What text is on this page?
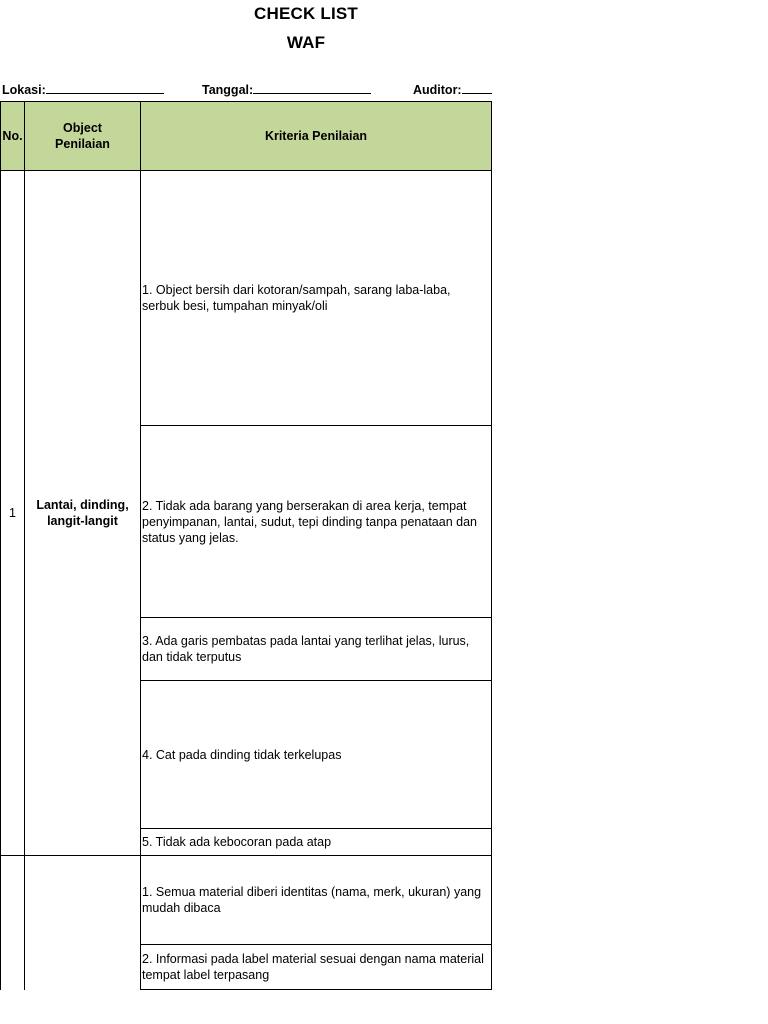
CHECK LIST
WAF
Lokasi:	Tanggal:	Auditor:
No.
Object Penilaian
Kriteria Penilaian
1
Lantai, dinding, langit-langit
1. Object bersih dari kotoran/sampah, sarang laba-laba, serbuk besi, tumpahan minyak/oli
2. Tidak ada barang yang berserakan di area kerja, tempat penyimpanan, lantai, sudut, tepi dinding tanpa penataan dan status yang jelas.
3. Ada garis pembatas pada lantai yang terlihat jelas, lurus, dan tidak terputus
4. Cat pada dinding tidak terkelupas
5. Tidak ada kebocoran pada atap
1. Semua material diberi identitas (nama, merk, ukuran) yang mudah dibaca
2. Informasi pada label material sesuai dengan nama material tempat label terpasang
